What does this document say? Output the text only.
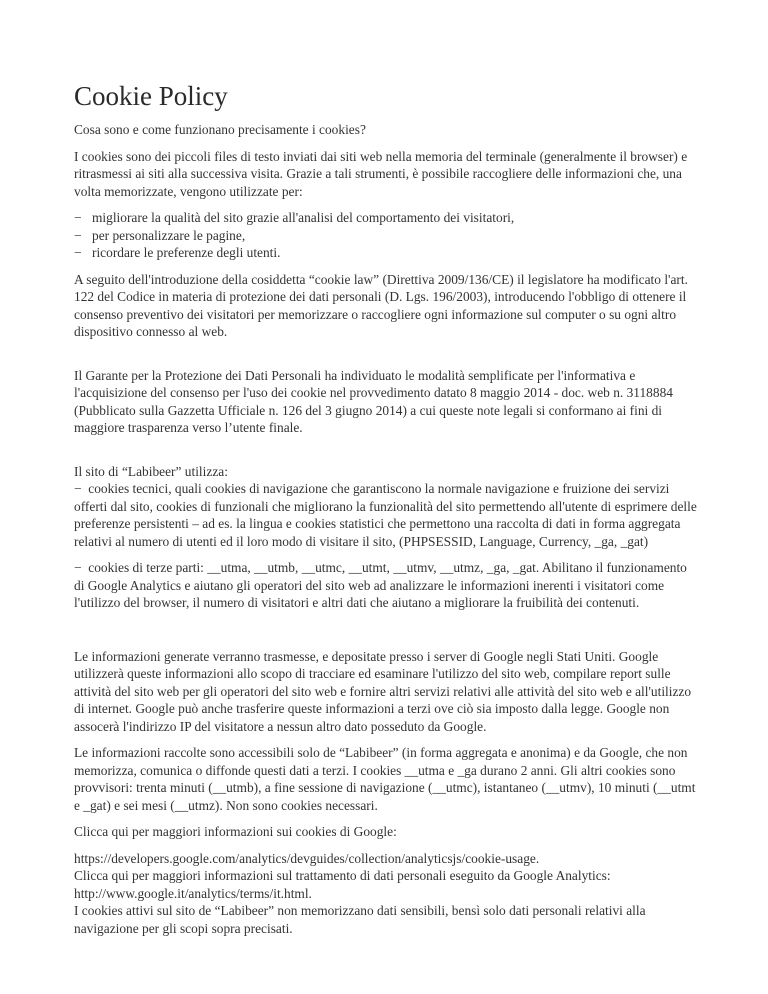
Cookie Policy

Cosa sono e come funzionano precisamente i cookies?

I cookies sono dei piccoli files di testo inviati dai siti web nella memoria del terminale (generalmente il browser) e ritrasmessi ai siti alla successiva visita. Grazie a tali strumenti, è possibile raccogliere delle informazioni che, una volta memorizzate, vengono utilizzate per:

− migliorare la qualità del sito grazie all'analisi del comportamento dei visitatori,
− per personalizzare le pagine,
− ricordare le preferenze degli utenti.

A seguito dell'introduzione della cosiddetta “cookie law” (Direttiva 2009/136/CE) il legislatore ha modificato l'art. 122 del Codice in materia di protezione dei dati personali (D. Lgs. 196/2003), introducendo l'obbligo di ottenere il consenso preventivo dei visitatori per memorizzare o raccogliere ogni informazione sul computer o su ogni altro dispositivo connesso al web.

Il Garante per la Protezione dei Dati Personali ha individuato le modalità semplificate per l'informativa e l'acquisizione del consenso per l'uso dei cookie nel provvedimento datato 8 maggio 2014 - doc. web n. 3118884 (Pubblicato sulla Gazzetta Ufficiale n. 126 del 3 giugno 2014) a cui queste note legali si conformano ai fini di maggiore trasparenza verso l’utente finale.

Il sito di “Labibeer” utilizza:

−  cookies tecnici, quali cookies di navigazione che garantiscono la normale navigazione e fruizione dei servizi offerti dal sito, cookies di funzionali che migliorano la funzionalità del sito permettendo all'utente di esprimere delle preferenze persistenti – ad es. la lingua e cookies statistici che permettono una raccolta di dati in forma aggregata relativi al numero di utenti ed il loro modo di visitare il sito, (PHPSESSID, Language, Currency, _ga, _gat)

−  cookies di terze parti: __utma, __utmb, __utmc, __utmt, __utmv, __utmz, _ga, _gat. Abilitano il funzionamento di Google Analytics e aiutano gli operatori del sito web ad analizzare le informazioni inerenti i visitatori come l'utilizzo del browser, il numero di visitatori e altri dati che aiutano a migliorare la fruibilità dei contenuti.

Le informazioni generate verranno trasmesse, e depositate presso i server di Google negli Stati Uniti. Google utilizzerà queste informazioni allo scopo di tracciare ed esaminare l'utilizzo del sito web, compilare report sulle attività del sito web per gli operatori del sito web e fornire altri servizi relativi alle attività del sito web e all'utilizzo di internet. Google può anche trasferire queste informazioni a terzi ove ciò sia imposto dalla legge. Google non assocerà l'indirizzo IP del visitatore a nessun altro dato posseduto da Google.

Le informazioni raccolte sono accessibili solo de “Labibeer” (in forma aggregata e anonima) e da Google, che non memorizza, comunica o diffonde questi dati a terzi. I cookies __utma e _ga durano 2 anni. Gli altri cookies sono provvisori: trenta minuti (__utmb), a fine sessione di navigazione (__utmc), istantaneo (__utmv), 10 minuti (__utmt e _gat) e sei mesi (__utmz). Non sono cookies necessari.

Clicca qui per maggiori informazioni sui cookies di Google:

https://developers.google.com/analytics/devguides/collection/analyticsjs/cookie-usage.
Clicca qui per maggiori informazioni sul trattamento di dati personali eseguito da Google Analytics:
http://www.google.it/analytics/terms/it.html.
I cookies attivi sul sito de “Labibeer” non memorizzano dati sensibili, bensì solo dati personali relativi alla navigazione per gli scopi sopra precisati.
